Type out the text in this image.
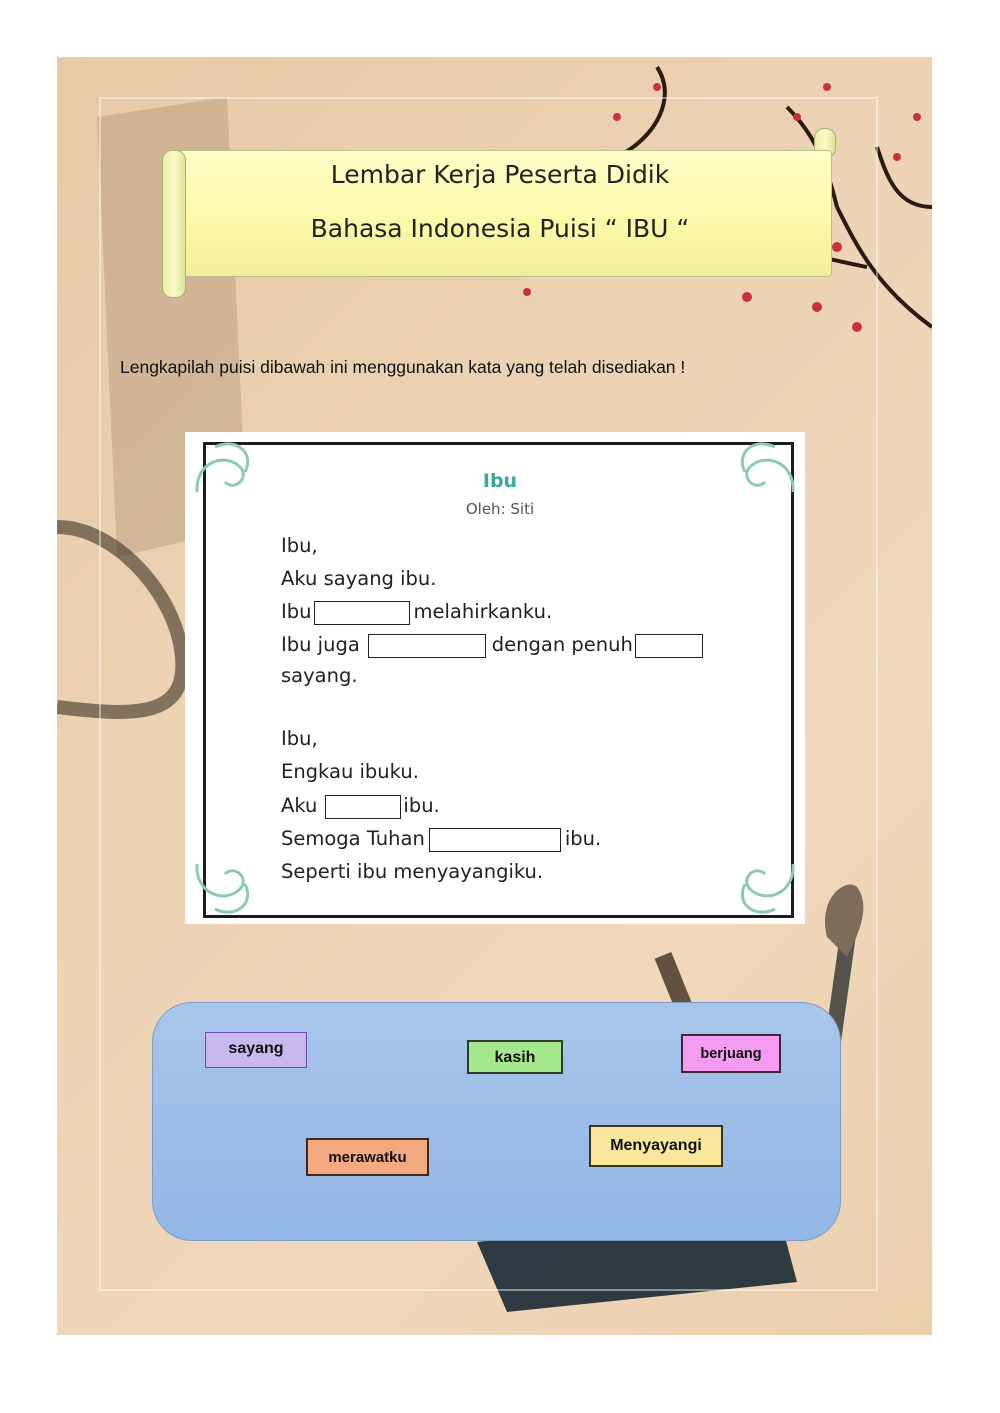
Lembar Kerja Peserta Didik
Bahasa Indonesia Puisi “ IBU “
Lengkapilah puisi dibawah ini menggunakan kata yang telah disediakan !
Ibu
Oleh: Siti
Ibu,
Aku sayang ibu.
Ibu	melahirkanku.
Ibu juga	dengan penuh
sayang.
Ibu,
Engkau ibuku.
Aku	ibu.
Semoga Tuhan	ibu.
Seperti ibu menyayangiku.
sayang
kasih	berjuang
merawatku
Menyayangi
